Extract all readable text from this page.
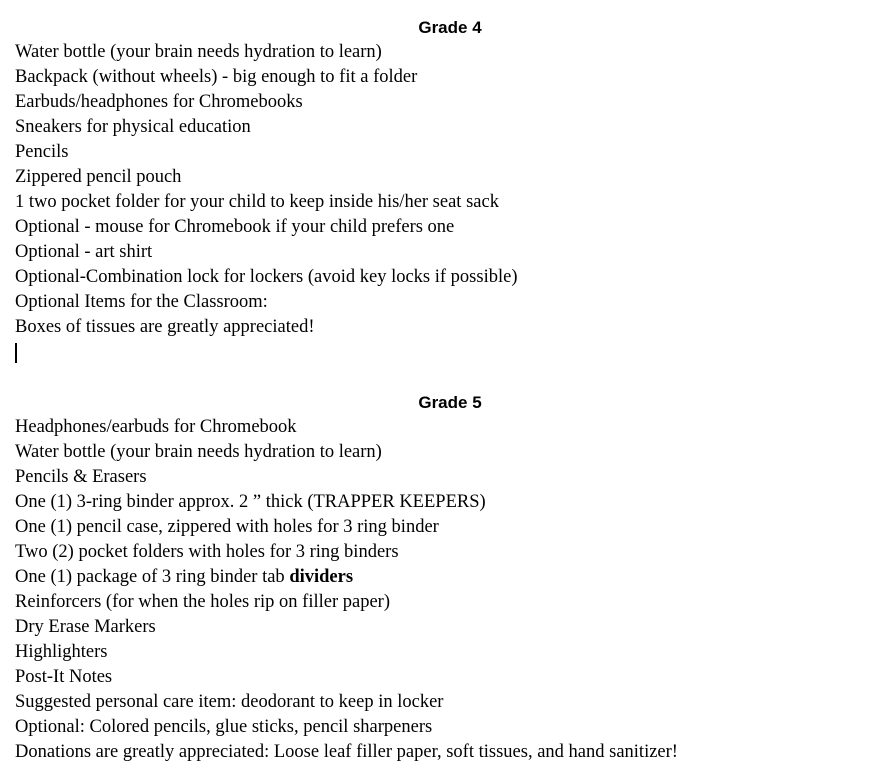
Grade 4
Water bottle (your brain needs hydration to learn)
Backpack (without wheels) - big enough to fit a folder
Earbuds/headphones for Chromebooks
Sneakers for physical education
Pencils
Zippered pencil pouch
1 two pocket folder for your child to keep inside his/her seat sack
Optional - mouse for Chromebook if your child prefers one
Optional - art shirt
Optional-Combination lock for lockers (avoid key locks if possible)
Optional Items for the Classroom:
Boxes of tissues are greatly appreciated!
Grade 5
Headphones/earbuds for Chromebook
Water bottle (your brain needs hydration to learn)
Pencils & Erasers
One (1) 3-ring binder approx. 2 ” thick (TRAPPER KEEPERS)
One (1) pencil case, zippered with holes for 3 ring binder
Two (2) pocket folders with holes for 3 ring binders
One (1) package of 3 ring binder tab dividers
Reinforcers (for when the holes rip on filler paper)
Dry Erase Markers
Highlighters
Post-It Notes
Suggested personal care item: deodorant to keep in locker
Optional: Colored pencils, glue sticks, pencil sharpeners
Donations are greatly appreciated: Loose leaf filler paper, soft tissues, and hand sanitizer!
